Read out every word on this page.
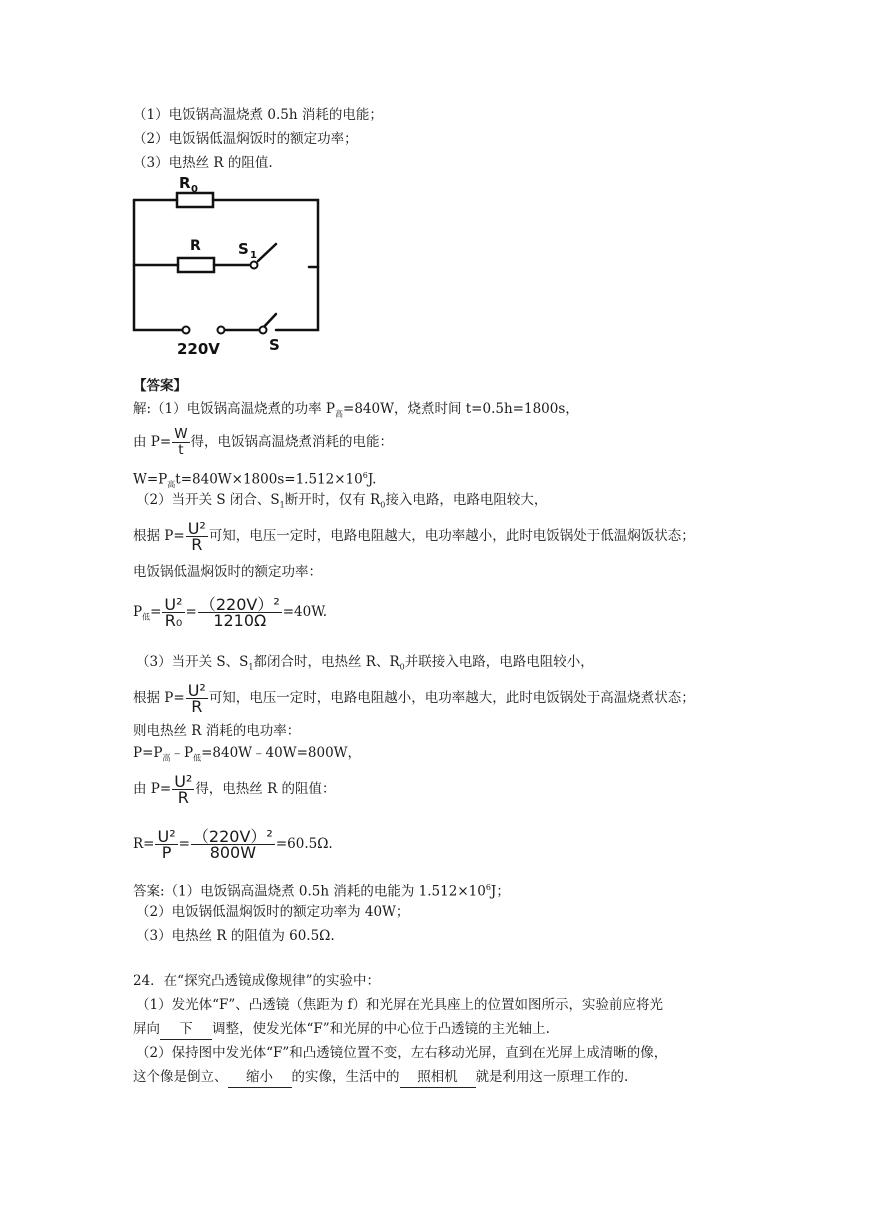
（1）电饭锅高温烧煮 0.5h 消耗的电能；
（2）电饭锅低温焖饭时的额定功率；
（3）电热丝 R 的阻值.
R 0
R S 1
220V	S
【答案】
解:（1）电饭锅高温烧煮的功率 $P_高=840W$，烧煮时间 t=0.5h=1800s，
由 $P= \frac{W}{t}$ 得，电饭锅高温烧煮消耗的电能：
$W=P_高t=840W\times 1800s=1.512\times 10^6J$.
（2）当开关 S 闭合、$S_1$断开时，仅有 $R_0$接入电路，电路电阻较大，
根据 $P= \frac{\text{U²}}{R}$ 可知，电压一定时，电路电阻越大，电功率越小，此时电饭锅处于低温焖饭状态；
电饭锅低温焖饭时的额定功率：
$P_低= \frac{\text{U²}}{\text{R₀}} = \frac{\text{（220V）²}}{1210\Omega} =40W$.
（3）当开关 S、$S_1$都闭合时，电热丝 R、$R_0$并联接入电路，电路电阻较小，
根据 $P= \frac{\text{U²}}{R}$ 可知，电压一定时，电路电阻越小，电功率越大，此时电饭锅处于高温烧煮状态；
则电热丝 R 消耗的电功率：
$P=P_高﹣P_低=840W﹣40W=800W$，
由 $P= \frac{\text{U²}}{R}$ 得，电热丝 R 的阻值：
$R= \frac{\text{U²}}{P} = \frac{\text{（220V）²}}{800W} =60.5\Omega$.
答案:（1）电饭锅高温烧煮 0.5h 消耗的电能为 $1.512\times 10^6J$；
（2）电饭锅低温焖饭时的额定功率为 40W；
（3）电热丝 R 的阻值为 60.5Ω.
24．在“探究凸透镜成像规律”的实验中：
（1）发光体“F”、凸透镜（焦距为 f）和光屏在光具座上的位置如图所示，实验前应将光
屏向 下 调整，使发光体“F”和光屏的中心位于凸透镜的主光轴上.
（2）保持图中发光体“F”和凸透镜位置不变，左右移动光屏，直到在光屏上成清晰的像，
这个像是倒立、 缩小 的实像，生活中的 照相机 就是利用这一原理工作的.
